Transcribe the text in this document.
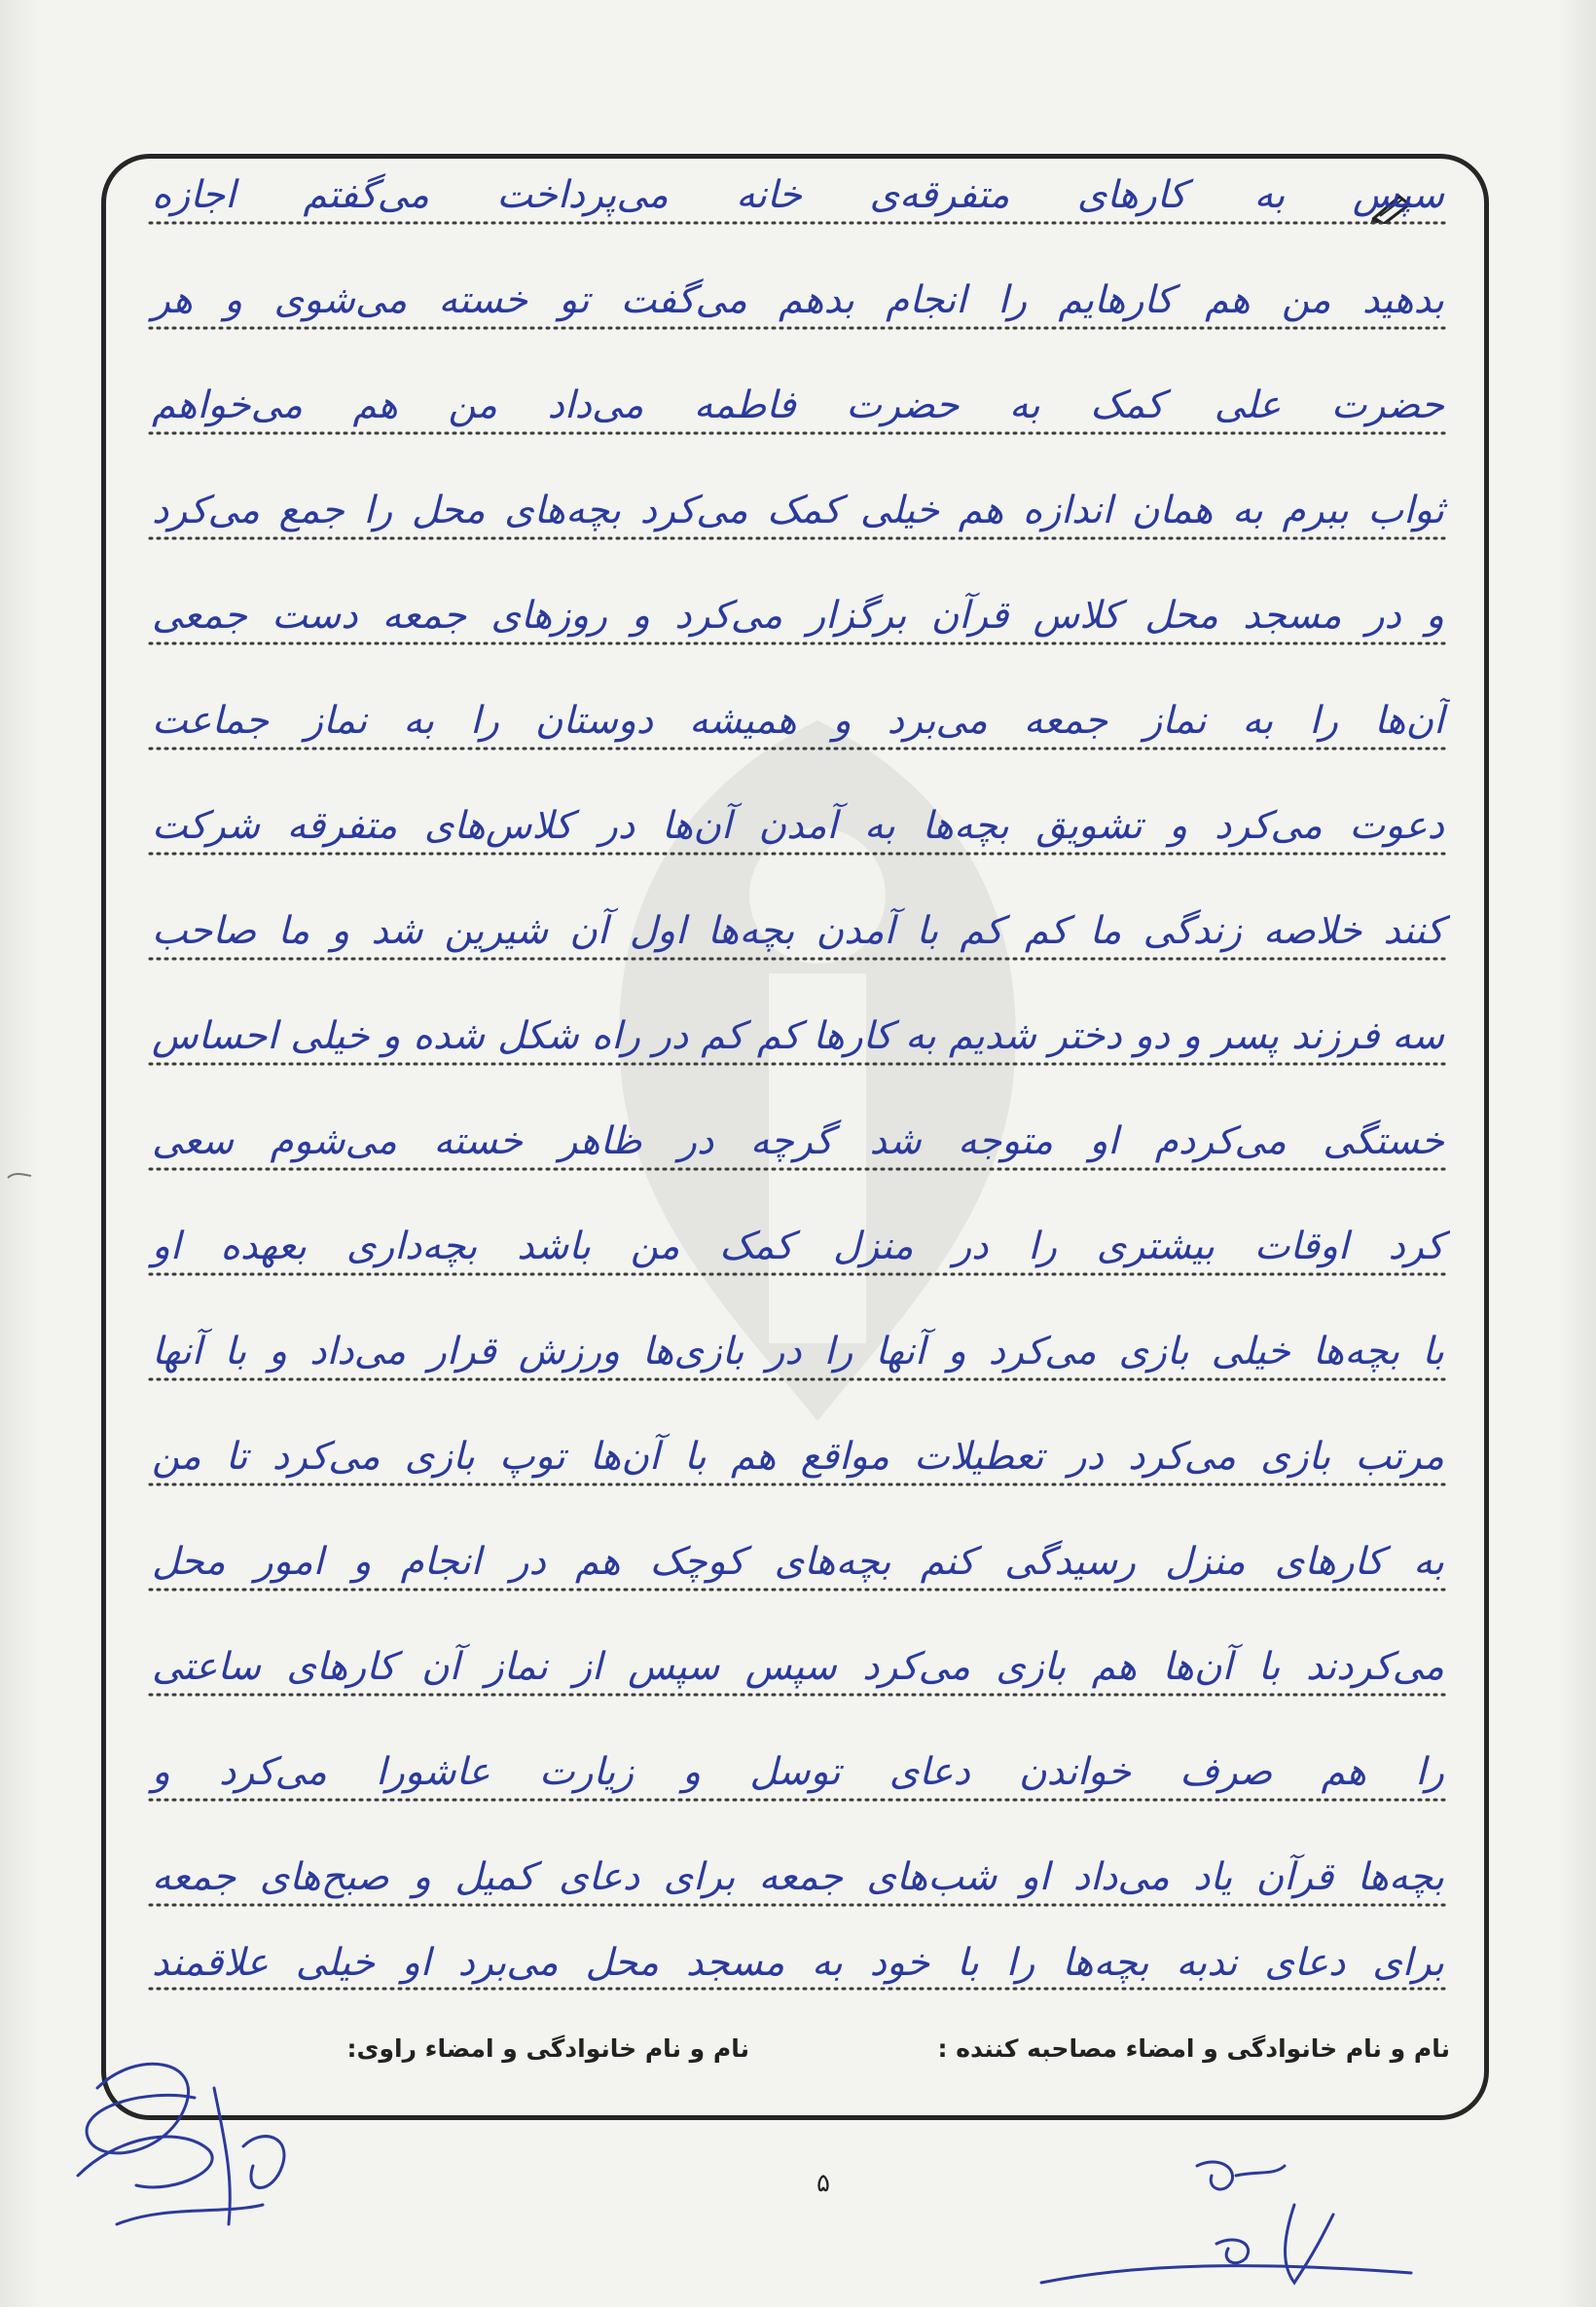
سپس به کارهای متفرقه‌ی خانه می‌پرداخت می‌گفتم اجازه
بدهید من هم کارهایم را انجام بدهم می‌گفت تو خسته می‌شوی و هر
حضرت علی کمک به حضرت فاطمه می‌داد من هم می‌خواهم
ثواب ببرم به همان اندازه هم خیلی کمک می‌کرد بچه‌های محل را جمع می‌کرد
و در مسجد محل کلاس قرآن برگزار می‌کرد و روزهای جمعه دست جمعی
آن‌ها را به نماز جمعه می‌برد و همیشه دوستان را به نماز جماعت
دعوت می‌کرد و تشویق بچه‌ها به آمدن آن‌ها در کلاس‌های متفرقه شرکت
کنند خلاصه زندگی ما کم کم با آمدن بچه‌ها اول آن شیرین شد و ما صاحب
سه فرزند پسر و دو دختر شدیم به کارها کم کم در راه شکل شده و خیلی احساس
خستگی می‌کردم او متوجه شد گرچه در ظاهر خسته می‌شوم سعی
کرد اوقات بیشتری را در منزل کمک من باشد بچه‌داری بعهده او
با بچه‌ها خیلی بازی می‌کرد و آنها را در بازی‌ها ورزش قرار می‌داد و با آنها
مرتب بازی می‌کرد در تعطیلات مواقع هم با آن‌ها توپ بازی می‌کرد تا من
به کارهای منزل رسیدگی کنم بچه‌های کوچک هم در انجام و امور محل
می‌کردند با آن‌ها هم بازی می‌کرد سپس سپس از نماز آن کارهای ساعتی
را هم صرف خواندن دعای توسل و زیارت عاشورا می‌کرد و
بچه‌ها قرآن یاد می‌داد او شب‌های جمعه برای دعای کمیل و صبح‌های جمعه
برای دعای ندبه بچه‌ها را با خود به مسجد محل می‌برد او خیلی علاقمند
نام و نام خانوادگی و امضاء مصاحبه کننده :
نام و نام خانوادگی و امضاء راوی:
۵
